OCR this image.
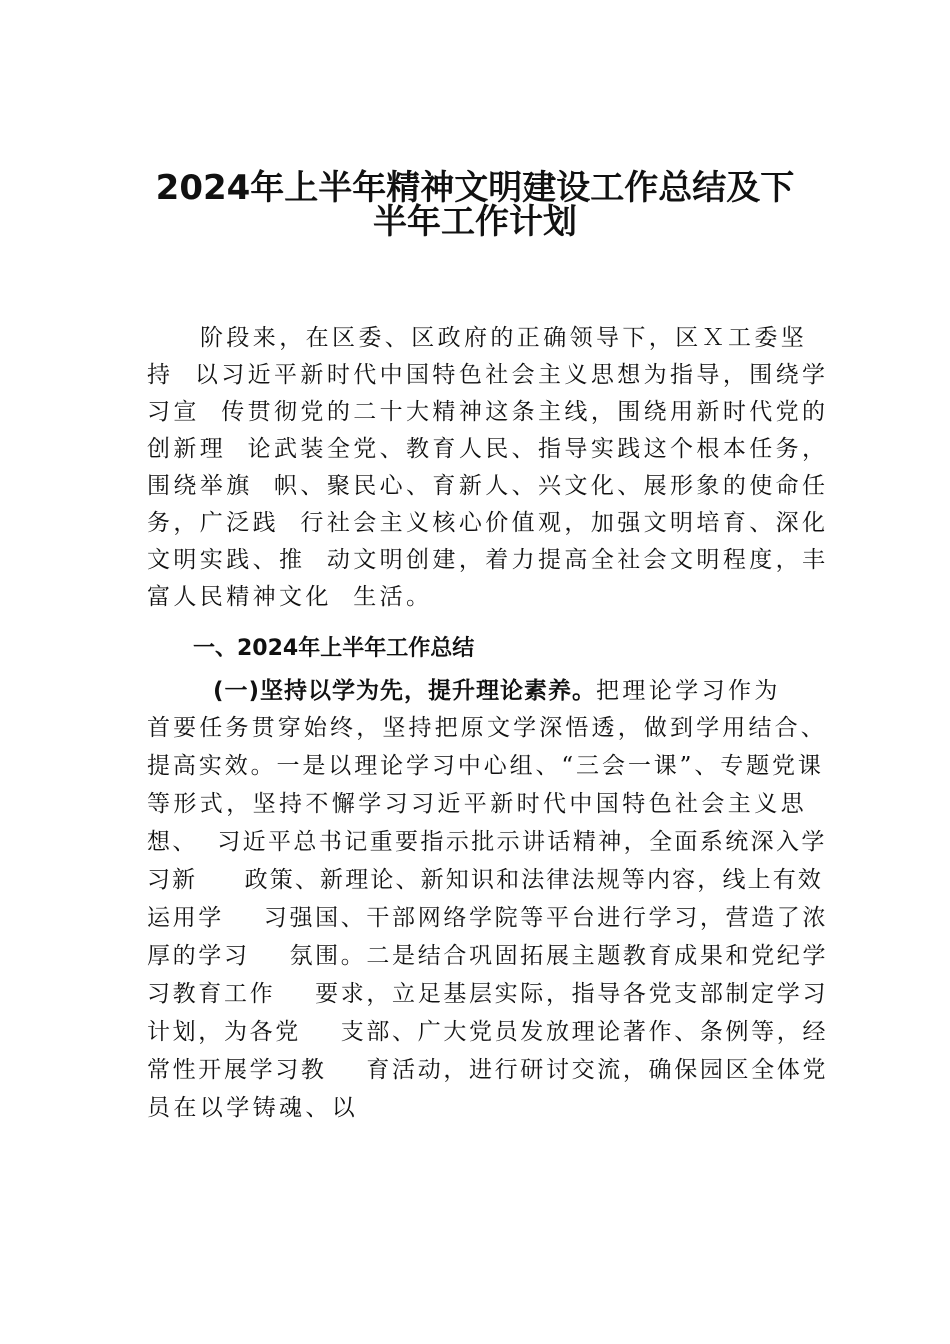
2024年上半年精神文明建设工作总结及下
半年工作计划
阶段来，在区委、区政府的正确领导下，区Ｘ工委坚
持  以习近平新时代中国特色社会主义思想为指导，围绕学
习宣  传贯彻党的二十大精神这条主线，围绕用新时代党的
创新理  论武装全党、教育人民、指导实践这个根本任务，
围绕举旗  帜、聚民心、育新人、兴文化、展形象的使命任
务，广泛践  行社会主义核心价值观，加强文明培育、深化
文明实践、推  动文明创建，着力提高全社会文明程度，丰
富人民精神文化  生活。
一、2024年上半年工作总结
(一)坚持以学为先，提升理论素养。把理论学习作为
首要任务贯穿始终，坚持把原文学深悟透，做到学用结合、
提高实效。一是以理论学习中心组、“三会一课”、专题党课
等形式，坚持不懈学习习近平新时代中国特色社会主义思
想、  习近平总书记重要指示批示讲话精神，全面系统深入学
习新     政策、新理论、新知识和法律法规等内容，线上有效
运用学    习强国、干部网络学院等平台进行学习，营造了浓
厚的学习    氛围。二是结合巩固拓展主题教育成果和党纪学
习教育工作    要求，立足基层实际，指导各党支部制定学习
计划，为各党    支部、广大党员发放理论著作、条例等，经
常性开展学习教    育活动，进行研讨交流，确保园区全体党
员在以学铸魂、以
